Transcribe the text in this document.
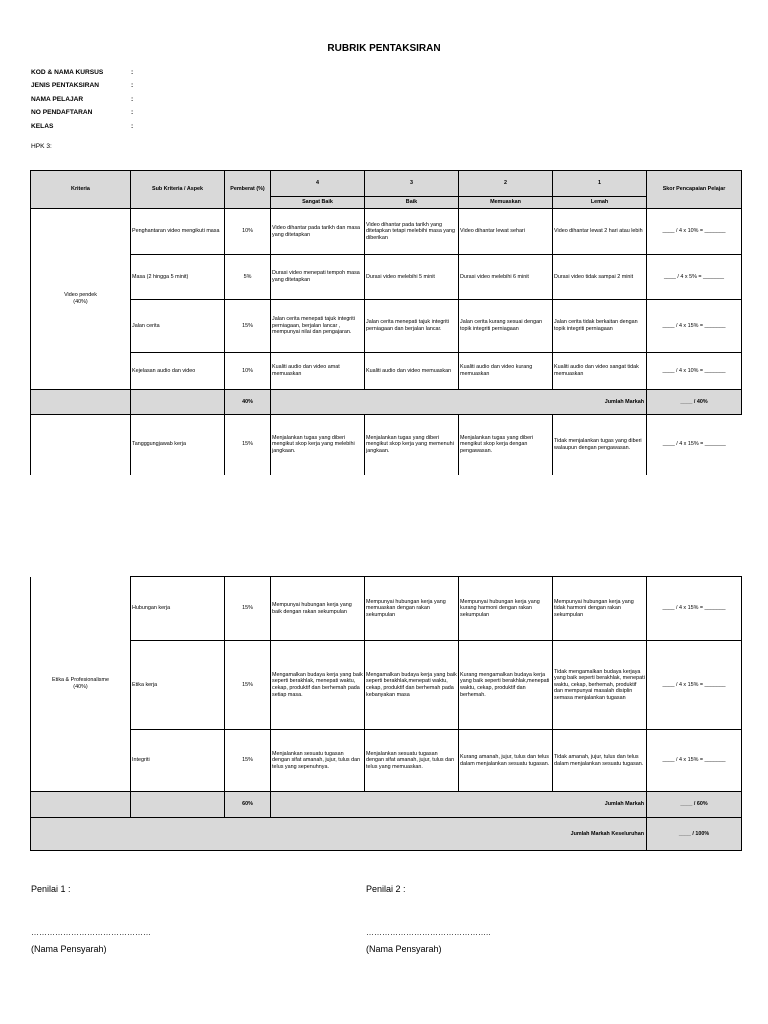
RUBRIK PENTAKSIRAN
KOD & NAMA KURSUS	:
JENIS PENTAKSIRAN	:
NAMA PELAJAR	:
NO PENDAFTARAN	:
KELAS	:
HPK 3:
Kriteria	Sub Kriteria / Aspek	Pemberat (%)	4	3	2	1	Skor Pencapaian Pelajar
			Sangat Baik	Baik	Memuaskan	Lemah	
Video pendek
(40%)	Penghantaran video mengikuti masa	10%	Video dihantar pada tarikh dan masa yang ditetapkan	Video dihantar pada tarikh yang ditetapkan tetapi melebihi masa yang diberikan	Video dihantar lewat sehari	Video dihantar lewat 2 hari atau lebih	____ / 4 x 10% = _______
	Masa (2 hingga 5 minit)	5%	Durasi video menepati tempoh masa yang ditetapkan	Durasi video melebihi 5 minit	Durasi video melebihi 6 minit	Durasi video tidak sampai 2 minit	____ / 4 x 5% = _______
	Jalan cerita	15%	Jalan cerita menepati tajuk integriti perniagaan, berjalan lancar , mempunyai nilai dan pengajaran.	Jalan cerita menepati tajuk integriti perniagaan dan berjalan lancar.	Jalan cerita kurang sesuai dengan topik integriti perniagaan	Jalan cerita tidak berkaitan dengan topik integriti perniagaan	____ / 4 x 15% = _______
	Kejelasan audio dan video	10%	Kualiti audio dan video amat memuaskan	Kualiti audio dan video memuaskan	Kualiti audio dan video kurang memuaskan	Kualiti audio dan video sangat tidak memuaskan	____ / 4 x 10% = _______
		40%	Jumlah Markah				____ / 40%
	Tangggungjawab kerja	15%	Menjalankan tugas yang diberi mengikut skop kerja yang melebihi jangkaan.	Menjalankan tugas yang diberi mengikut skop kerja yang memenuhi jangkaan.	Menjalankan tugas yang diberi mengikut skop kerja dengan pengawasan.	Tidak menjalankan tugas yang diberi walaupun dengan pengawasan.	____ / 4 x 15% = _______
Etika & Profesionalisme
(40%)	Hubungan kerja	15%	Mempunyai hubungan kerja yang baik dengan rakan sekumpulan	Mempunyai hubungan kerja yang memuaskan dengan rakan sekumpulan	Mempunyai hubungan kerja yang kurang harmoni dengan rakan sekumpulan	Mempunyai hubungan kerja yang tidak harmoni dengan rakan sekumpulan	____ / 4 x 15% = _______
	Etika kerja	15%	Mengamalkan budaya kerja yang baik seperti berakhlak, menepati waktu, cekap, produktif dan berhemah pada setiap masa.	Mengamalkan budaya kerja yang baik seperti berakhlak,menepati waktu, cekap, produktif dan berhemah pada kebanyakan masa	Kurang mengamalkan budaya kerja yang baik seperti berakhlak,menepati waktu, cekap, produktif dan berhemah.	Tidak mengamalkan budaya kerjaya yang baik seperti berakhlak, menepati waktu, cekap, berhemah, produktif dan mempunyai masalah disiplin semasa menjalankan tugasan	____ / 4 x 15% = _______
	Integriti	15%	Menjalankan sesuatu tugasan dengan sifat amanah, jujur, tulus dan telus yang sepenuhnya.	Menjalankan sesuatu tugasan dengan sifat amanah, jujur, tulus dan telus yang memuaskan.	Kurang amanah, jujur, tulus dan telus dalam menjalankan sesuatu tugasan.	Tidak amanah, jujur, tulus dan telus dalam menjalankan sesuatu tugasan.	____ / 4 x 15% = _______
		60%	Jumlah Markah				____ / 60%
Jumlah Markah Keseluruhan							____ / 100%
Penilai 1 :
………………………………………
(Nama Pensyarah)
Penilai 2 :
………………………………………..
(Nama Pensyarah)
